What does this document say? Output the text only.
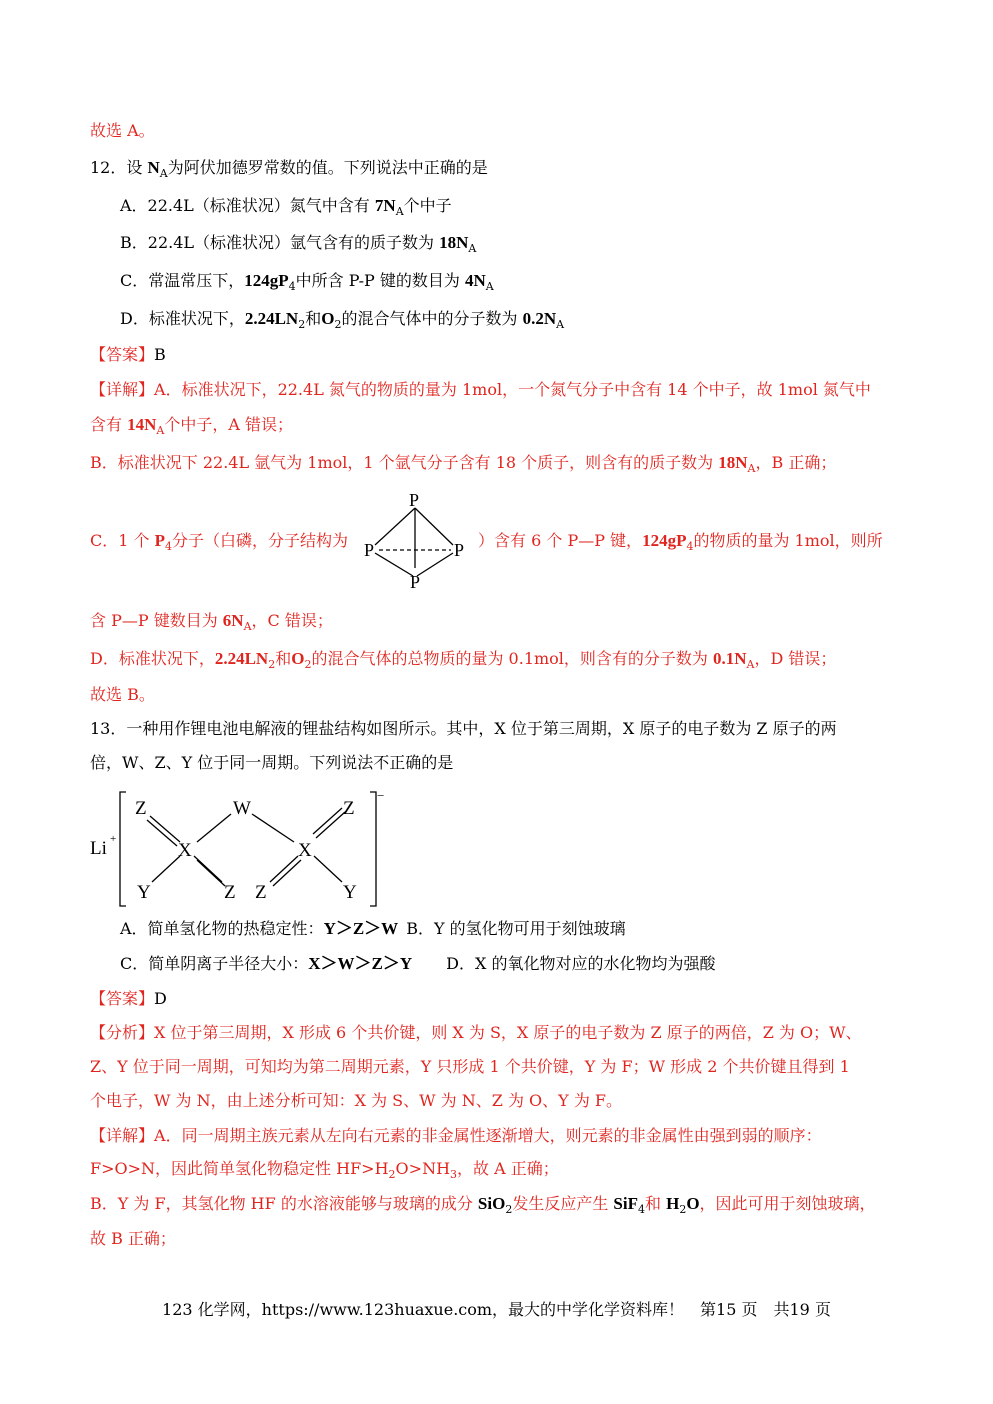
故选 A。
12．设 $N_A$为阿伏加德罗常数的值。下列说法中正确的是
A．22.4L（标准状况）氮气中含有 $7N_A$个中子
B．22.4L（标准状况）氩气含有的质子数为 $18N_A$
C．常温常压下，$124gP_4$中所含 P-P 键的数目为 $4N_A$
D．标准状况下，$2.24LN_2$和$O_2$的混合气体中的分子数为 $0.2N_A$
【答案】B
【详解】A．标准状况下，22.4L 氮气的物质的量为 1mol，一个氮气分子中含有 14 个中子，故 1mol 氮气中
含有 $14N_A$个中子，A 错误；
B．标准状况下 22.4L 氩气为 1mol，1 个氩气分子含有 18 个质子，则含有的质子数为 $18N_A$，B 正确；
C．1 个 $P_4$分子（白磷，分子结构为
P
P	P
P
）含有 6 个 P—P 键，$124gP_4$的物质的量为 1mol，则所
含 P—P 键数目为 $6N_A$，C 错误；
D．标准状况下，$2.24LN_2$和$O_2$的混合气体的总物质的量为 0.1mol，则含有的分子数为 $0.1N_A$，D 错误；
故选 B。
13．一种用作锂电池电解液的锂盐结构如图所示。其中，X 位于第三周期，X 原子的电子数为 Z 原子的两
倍，W、Z、Y 位于同一周期。下列说法不正确的是
Li +
−
Z	W	Z
X	X
Y	Z Z	Y
A．简单氢化物的热稳定性：Y＞Z＞W  B．Y 的氢化物可用于刻蚀玻璃
C．简单阴离子半径大小：X＞W＞Z＞Y D．X 的氧化物对应的水化物均为强酸
【答案】D
【分析】X 位于第三周期，X 形成 6 个共价键，则 X 为 S，X 原子的电子数为 Z 原子的两倍，Z 为 O；W、
Z、Y 位于同一周期，可知均为第二周期元素，Y 只形成 1 个共价键，Y 为 F；W 形成 2 个共价键且得到 1
个电子，W 为 N，由上述分析可知：X 为 S、W 为 N、Z 为 O、Y 为 F。
【详解】A．同一周期主族元素从左向右元素的非金属性逐渐增大，则元素的非金属性由强到弱的顺序：
F>O>N，因此简单氢化物稳定性 $HF>H_2O>NH_3$，故 A 正确；
B．Y 为 F，其氢化物 HF 的水溶液能够与玻璃的成分 SiO$_2$发生反应产生 SiF$_4$和 $H_2O$，因此可用于刻蚀玻璃，
故 B 正确；
123 化学网，https://www.123huaxue.com，最大的中学化学资料库！　第15 页　共19 页
